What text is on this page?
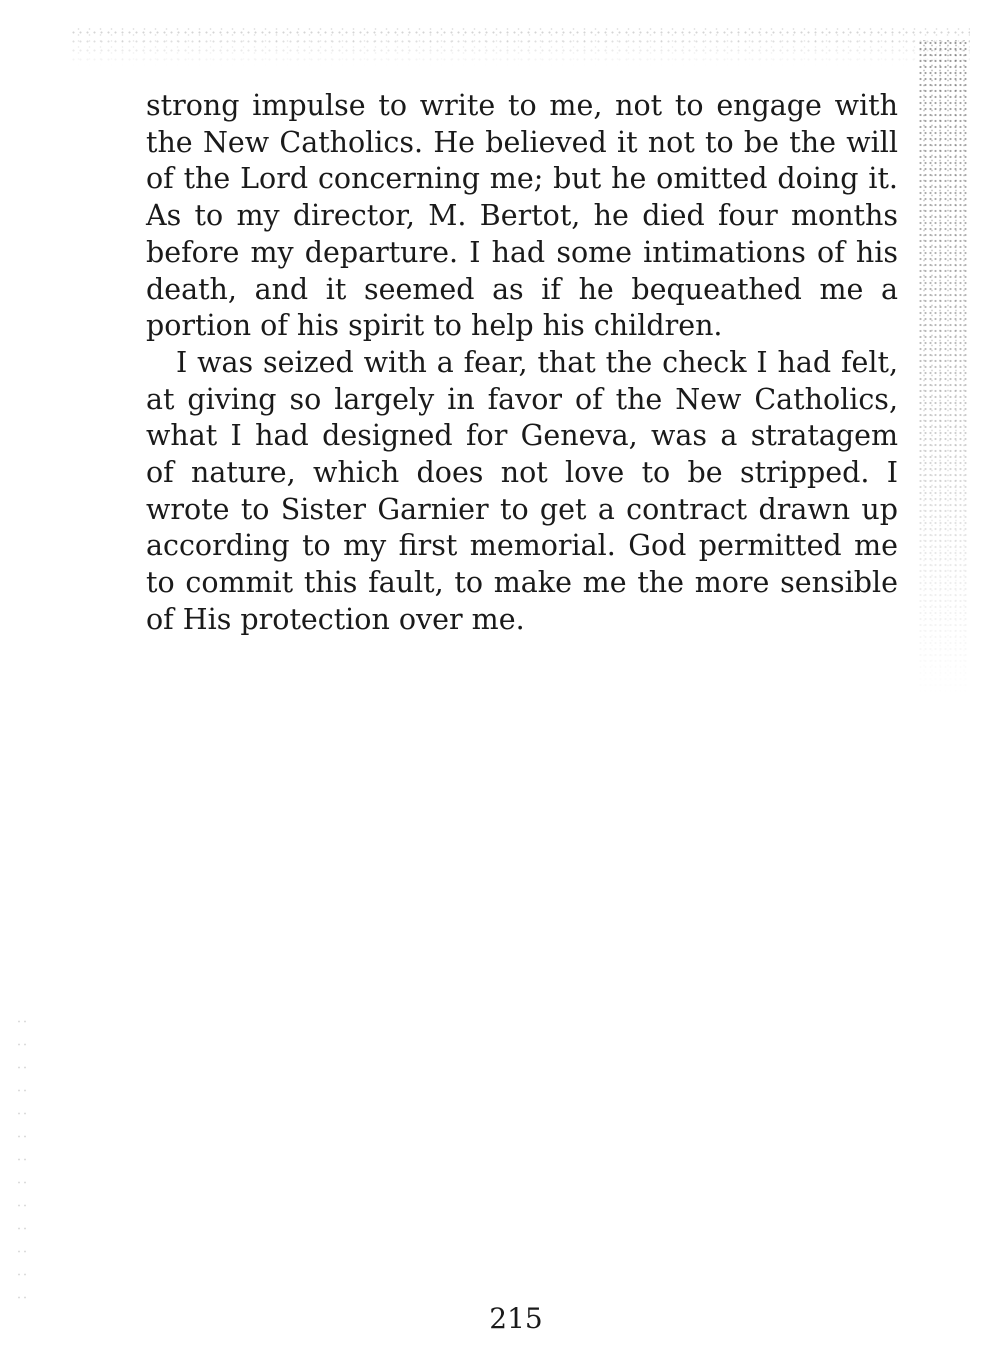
strong impulse to write to me, not to engage with the New Catholics. He believed it not to be the will of the Lord concerning me; but he omitted doing it. As to my director, M. Bertot, he died four months before my departure. I had some intimations of his death, and it seemed as if he bequeathed me a portion of his spirit to help his children.

I was seized with a fear, that the check I had felt, at giving so largely in favor of the New Catholics, what I had designed for Geneva, was a stratagem of nature, which does not love to be stripped. I wrote to Sister Garnier to get a contract drawn up according to my first memorial. God permitted me to commit this fault, to make me the more sensible of His protection over me.

215
